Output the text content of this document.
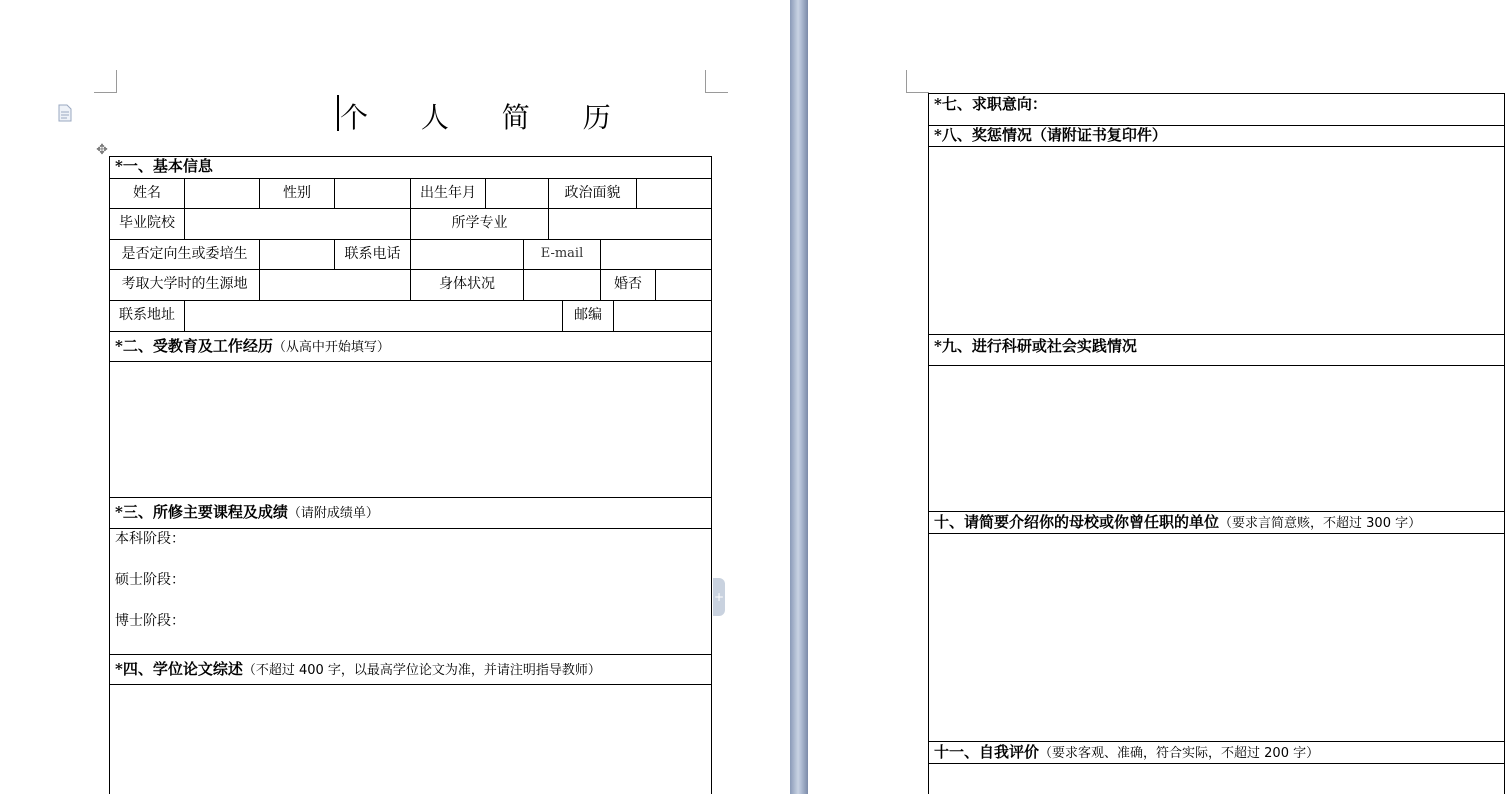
个 人 简 历
✥
*一、基本信息
姓名	性别	出生年月	政治面貌
毕业院校	所学专业
是否定向生或委培生	联系电话	E-mail
考取大学时的生源地	身体状况	婚否
联系地址	邮编
*二、受教育及工作经历（从高中开始填写）
*三、所修主要课程及成绩（请附成绩单）
本科阶段：
硕士阶段：
博士阶段：
*四、学位论文综述（不超过 400 字，以最高学位论文为准，并请注明指导教师）
+
*七、求职意向：
*八、奖惩情况（请附证书复印件）
*九、进行科研或社会实践情况
十、请简要介绍你的母校或你曾任职的单位（要求言简意赅，不超过 300 字）
十一、自我评价（要求客观、准确，符合实际，不超过 200 字）
